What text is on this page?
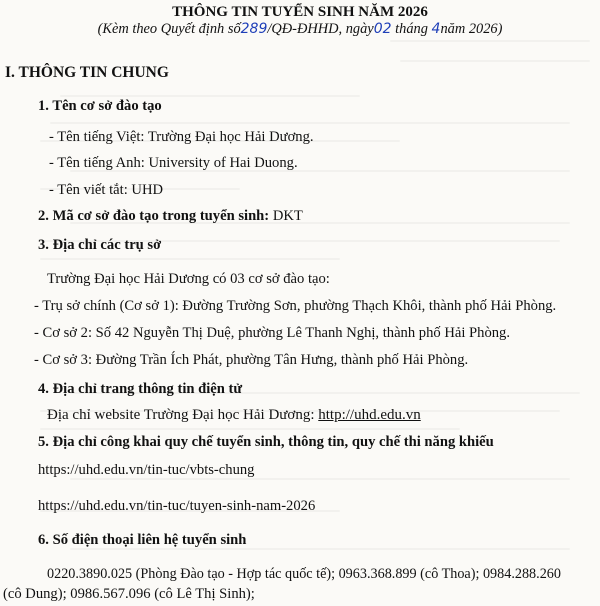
THÔNG TIN TUYỂN SINH NĂM 2026
(Kèm theo Quyết định số289/QĐ-ĐHHD, ngày02 tháng 4năm 2026)
I. THÔNG TIN CHUNG
1. Tên cơ sở đào tạo
- Tên tiếng Việt: Trường Đại học Hải Dương.
- Tên tiếng Anh: University of Hai Duong.
- Tên viết tắt: UHD
2. Mã cơ sở đào tạo trong tuyển sinh: DKT
3. Địa chỉ các trụ sở
Trường Đại học Hải Dương có 03 cơ sở đào tạo:
- Trụ sở chính (Cơ sở 1): Đường Trường Sơn, phường Thạch Khôi, thành phố Hải Phòng.
- Cơ sở 2: Số 42 Nguyễn Thị Duệ, phường Lê Thanh Nghị, thành phố Hải Phòng.
- Cơ sở 3: Đường Trần Ích Phát, phường Tân Hưng, thành phố Hải Phòng.
4. Địa chỉ trang thông tin điện tử
Địa chỉ website Trường Đại học Hải Dương: http://uhd.edu.vn
5. Địa chỉ công khai quy chế tuyển sinh, thông tin, quy chế thi năng khiếu
https://uhd.edu.vn/tin-tuc/vbts-chung
https://uhd.edu.vn/tin-tuc/tuyen-sinh-nam-2026
6. Số điện thoại liên hệ tuyển sinh
0220.3890.025 (Phòng Đào tạo - Hợp tác quốc tế); 0963.368.899 (cô Thoa); 0984.288.260
(cô Dung); 0986.567.096 (cô Lê Thị Sinh);
